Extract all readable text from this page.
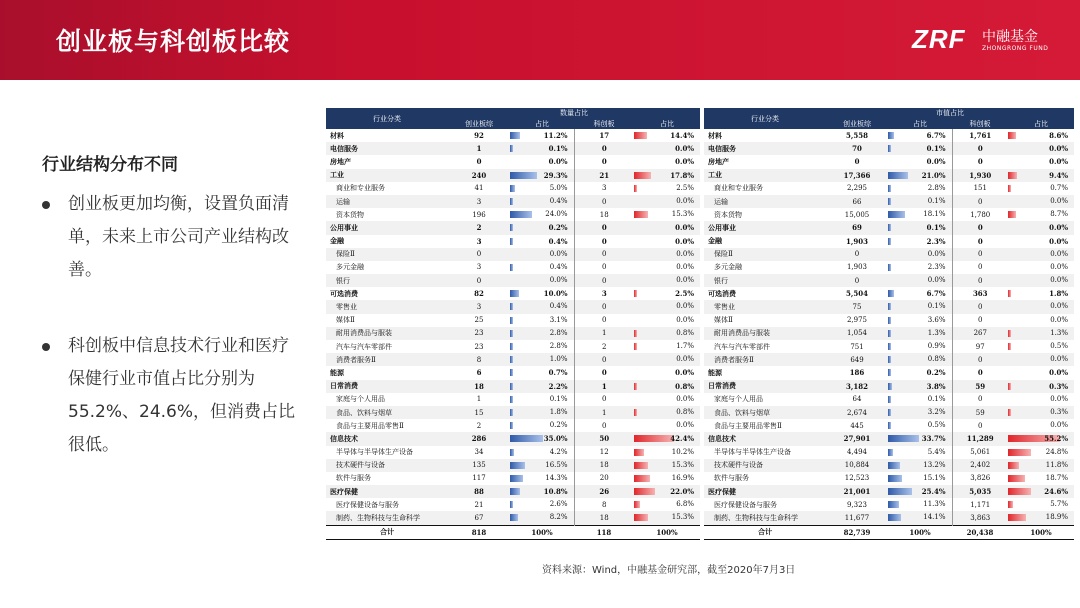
创业板与科创板比较	ZRF 中融基金
ZHONGRONG FUND
行业结构分布不同
创业板更加均衡，设置负面清单，未来上市公司产业结构改善。
科创板中信息技术行业和医疗保健行业市值占比分别为55.2%、24.6%，但消费占比很低。
行业分类	数量占比			
	创业板综	占比	科创板	占比
材料	92	11.2%	17	14.4%

电信服务	1	0.1%	0	0.0%

房地产	0	0.0%	0	0.0%

工业	240	29.3%	21	17.8%

商业和专业服务	41	5.0%	3	2.5%

运输	3	0.4%	0	0.0%

资本货物	196	24.0%	18	15.3%

公用事业	2	0.2%	0	0.0%

金融	3	0.4%	0	0.0%

保险Ⅱ	0	0.0%	0	0.0%

多元金融	3	0.4%	0	0.0%

银行	0	0.0%	0	0.0%

可选消费	82	10.0%	3	2.5%

零售业	3	0.4%	0	0.0%

媒体Ⅱ	25	3.1%	0	0.0%

耐用消费品与服装	23	2.8%	1	0.8%

汽车与汽车零部件	23	2.8%	2	1.7%

消费者服务Ⅱ	8	1.0%	0	0.0%

能源	6	0.7%	0	0.0%

日常消费	18	2.2%	1	0.8%

家庭与个人用品	1	0.1%	0	0.0%

食品、饮料与烟草	15	1.8%	1	0.8%

食品与主要用品零售Ⅱ	2	0.2%	0	0.0%

信息技术	286	35.0%	50	42.4%

半导体与半导体生产设备	34	4.2%	12	10.2%

技术硬件与设备	135	16.5%	18	15.3%

软件与服务	117	14.3%	20	16.9%

医疗保健	88	10.8%	26	22.0%

医疗保健设备与服务	21	2.6%	8	6.8%

制药、生物科技与生命科学	67	8.2%	18	15.3%

合计	818	100%	118	100%
行业分类	市值占比			
	创业板综	占比	科创板	占比
材料	5,558	6.7%	1,761	8.6%

电信服务	70	0.1%	0	0.0%

房地产	0	0.0%	0	0.0%

工业	17,366	21.0%	1,930	9.4%

商业和专业服务	2,295	2.8%	151	0.7%

运输	66	0.1%	0	0.0%

资本货物	15,005	18.1%	1,780	8.7%

公用事业	69	0.1%	0	0.0%

金融	1,903	2.3%	0	0.0%

保险Ⅱ	0	0.0%	0	0.0%

多元金融	1,903	2.3%	0	0.0%

银行	0	0.0%	0	0.0%

可选消费	5,504	6.7%	363	1.8%

零售业	75	0.1%	0	0.0%

媒体Ⅱ	2,975	3.6%	0	0.0%

耐用消费品与服装	1,054	1.3%	267	1.3%

汽车与汽车零部件	751	0.9%	97	0.5%

消费者服务Ⅱ	649	0.8%	0	0.0%

能源	186	0.2%	0	0.0%

日常消费	3,182	3.8%	59	0.3%

家庭与个人用品	64	0.1%	0	0.0%

食品、饮料与烟草	2,674	3.2%	59	0.3%

食品与主要用品零售Ⅱ	445	0.5%	0	0.0%

信息技术	27,901	33.7%	11,289	55.2%

半导体与半导体生产设备	4,494	5.4%	5,061	24.8%

技术硬件与设备	10,884	13.2%	2,402	11.8%

软件与服务	12,523	15.1%	3,826	18.7%

医疗保健	21,001	25.4%	5,035	24.6%

医疗保健设备与服务	9,323	11.3%	1,171	5.7%

制药、生物科技与生命科学	11,677	14.1%	3,863	18.9%

合计	82,739	100%	20,438	100%
资料来源：Wind，中融基金研究部，截至2020年7月3日
